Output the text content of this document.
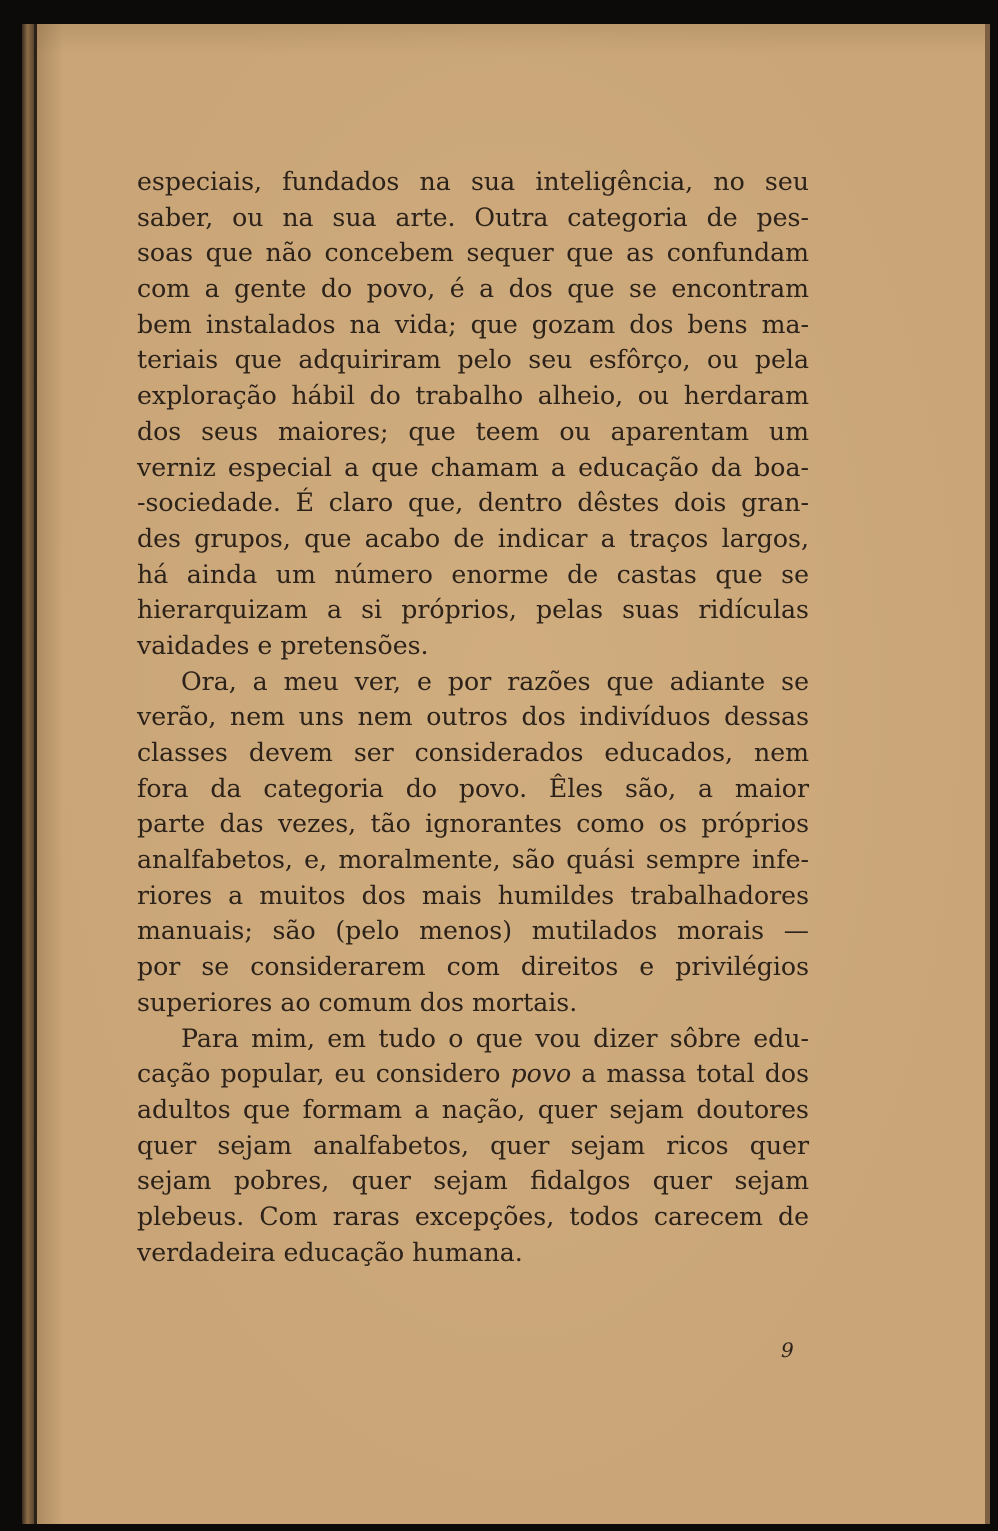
especiais, fundados na sua inteligência, no seu
saber, ou na sua arte. Outra categoria de pes-
soas que não concebem sequer que as confundam
com a gente do povo, é a dos que se encontram
bem instalados na vida; que gozam dos bens ma-
teriais que adquiriram pelo seu esfôrço, ou pela
exploração hábil do trabalho alheio, ou herdaram
dos seus maiores; que teem ou aparentam um
verniz especial a que chamam a educação da boa-
-sociedade. É claro que, dentro dêstes dois gran-
des grupos, que acabo de indicar a traços largos,
há ainda um número enorme de castas que se
hierarquizam a si próprios, pelas suas ridículas
vaidades e pretensões.
Ora, a meu ver, e por razões que adiante se
verão, nem uns nem outros dos indivíduos dessas
classes devem ser considerados educados, nem
fora da categoria do povo. Êles são, a maior
parte das vezes, tão ignorantes como os próprios
analfabetos, e, moralmente, são quási sempre infe-
riores a muitos dos mais humildes trabalhadores
manuais; são (pelo menos) mutilados morais —
por se considerarem com direitos e privilégios
superiores ao comum dos mortais.
Para mim, em tudo o que vou dizer sôbre edu-
cação popular, eu considero povo a massa total dos
adultos que formam a nação, quer sejam doutores
quer sejam analfabetos, quer sejam ricos quer
sejam pobres, quer sejam fidalgos quer sejam
plebeus. Com raras excepções, todos carecem de
verdadeira educação humana.
9
